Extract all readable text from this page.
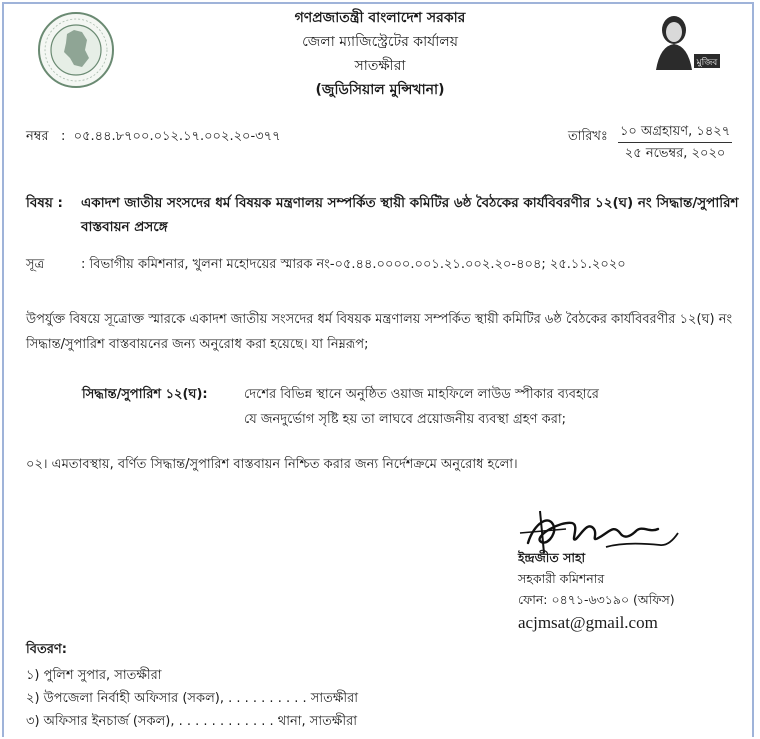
গণপ্রজাতন্ত্রী বাংলাদেশ সরকার
জেলা ম্যাজিস্ট্রেটের কার্যালয়
সাতক্ষীরা
(জুডিসিয়াল মুন্সিখানা)
মুজিব
নম্বর   :  ০৫.৪৪.৮৭০০.০১২.১৭.০০২.২০-৩৭৭	তারিখঃ ১০ অগ্রহায়ণ, ১৪২৭
২৫ নভেম্বর, ২০২০
বিষয় : একাদশ জাতীয় সংসদের ধর্ম বিষয়ক মন্ত্রণালয় সম্পর্কিত স্থায়ী কমিটির ৬ষ্ঠ বৈঠকের কার্যবিবরণীর ১২(ঘ) নং সিদ্ধান্ত/সুপারিশ বাস্তবায়ন প্রসঙ্গে
সূত্র	: বিভাগীয় কমিশনার, খুলনা মহোদয়ের স্মারক নং-০৫.৪৪.০০০০.০০১.২১.০০২.২০-৪০৪; ২৫.১১.২০২০
উপর্যুক্ত বিষয়ে সূত্রোক্ত স্মারকে একাদশ জাতীয় সংসদের ধর্ম বিষয়ক মন্ত্রণালয় সম্পর্কিত স্থায়ী কমিটির ৬ষ্ঠ বৈঠকের কার্যবিবরণীর ১২(ঘ) নং সিদ্ধান্ত/সুপারিশ বাস্তবায়নের জন্য অনুরোধ করা হয়েছে। যা নিম্নরূপ;
সিদ্ধান্ত/সুপারিশ ১২(ঘ):	দেশের বিভিন্ন স্থানে অনুষ্ঠিত ওয়াজ মাহফিলে লাউড স্পীকার ব্যবহারে
যে জনদুর্ভোগ সৃষ্টি হয় তা লাঘবে প্রয়োজনীয় ব্যবস্থা গ্রহণ করা;
০২। এমতাবস্থায়, বর্ণিত সিদ্ধান্ত/সুপারিশ বাস্তবায়ন নিশ্চিত করার জন্য নির্দেশক্রমে অনুরোধ হলো।
ইন্দ্রজীত সাহা
সহকারী কমিশনার
ফোন: ০৪৭১-৬৩১৯০ (অফিস)
acjmsat@gmail.com
বিতরণ:
১) পুলিশ সুপার, সাতক্ষীরা
২) উপজেলা নির্বাহী অফিসার (সকল), . . . . . . . . . . সাতক্ষীরা
৩) অফিসার ইনচার্জ (সকল), . . . . . . . . . . . . থানা, সাতক্ষীরা
